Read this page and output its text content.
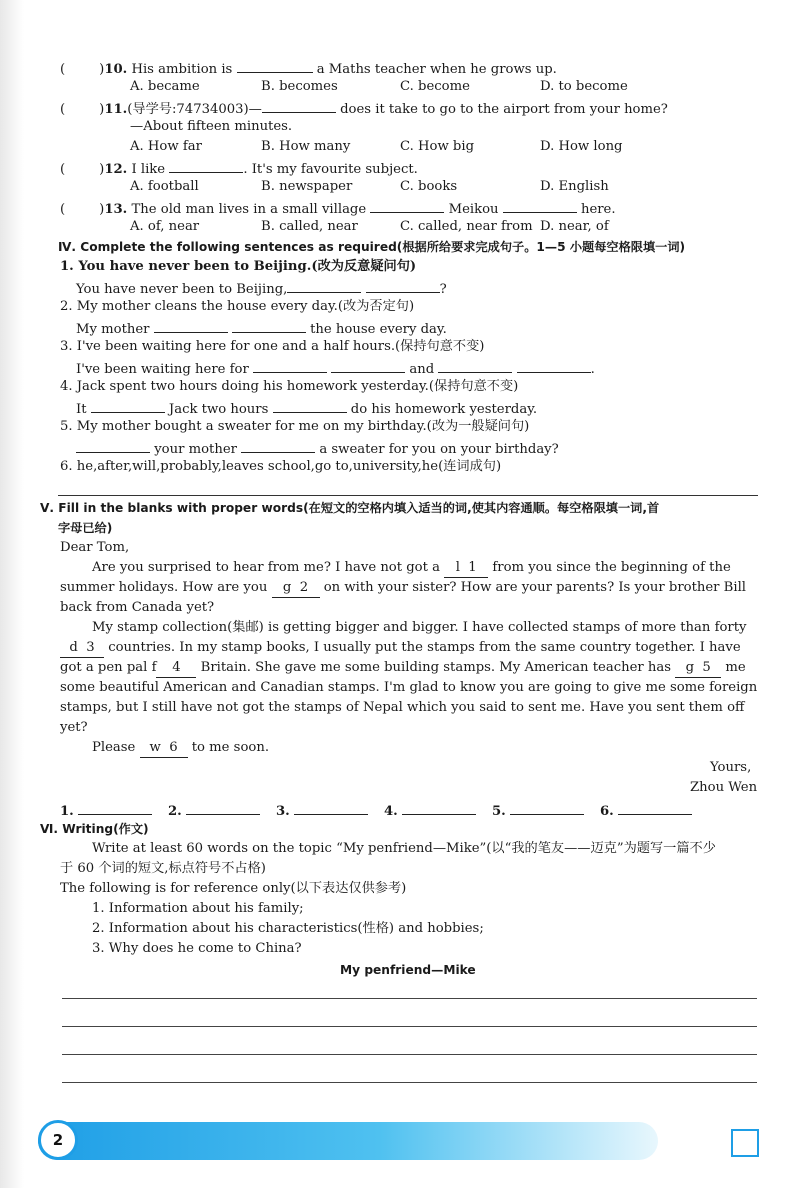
(	)10. His ambition is	a Maths teacher when he grows up.
A. became	B. becomes	C. become	D. to become
(	)11.(导学号:74734003)—	does it take to go to the airport from your home?
—About fifteen minutes.
A. How far	B. How many	C. How big	D. How long
(	)12. I like	. It's my favourite subject.
A. football	B. newspaper	C. books	D. English
(	)13. The old man lives in a small village	Meikou	here.
A. of, near	B. called, near	C. called, near from D. near, of
Ⅳ. Complete the following sentences as required(根据所给要求完成句子。1—5 小题每空格限填一词)
1. You have never been to Beijing.(改为反意疑问句)
You have never been to Beijing,	?
2. My mother cleans the house every day.(改为否定句)
My mother	the house every day.
3. I've been waiting here for one and a half hours.(保持句意不变)
I've been waiting here for	and	.
4. Jack spent two hours doing his homework yesterday.(保持句意不变)
It	Jack two hours	do his homework yesterday.
5. My mother bought a sweater for me on my birthday.(改为一般疑问句)
your mother	a sweater for you on your birthday?
6. he,after,will,probably,leaves school,go to,university,he(连词成句)
Ⅴ. Fill in the blanks with proper words(在短文的空格内填入适当的词,使其内容通顺。每空格限填一词,首
字母已给)
Dear Tom,
Are you surprised to hear from me? I have not got a l 1 from you since the beginning of the
summer holidays. How are you g 2 on with your sister? How are your parents? Is your brother Bill
back from Canada yet?
My stamp collection(集邮) is getting bigger and bigger. I have collected stamps of more than forty
d 3 countries. In my stamp books, I usually put the stamps from the same country together. I have
got a pen pal f 4 Britain. She gave me some building stamps. My American teacher has g 5 me
some beautiful American and Canadian stamps. I'm glad to know you are going to give me some foreign
stamps, but I still have not got the stamps of Nepal which you said to sent me. Have you sent them off
yet?
Please w 6 to me soon.
Yours,
Zhou Wen
1.	2.	3.	4.	5.	6.
Ⅵ. Writing(作文)
Write at least 60 words on the topic “My penfriend—Mike”(以“我的笔友——迈克”为题写一篇不少
于 60 个词的短文,标点符号不占格)
The following is for reference only(以下表达仅供参考)
1. Information about his family;
2. Information about his characteristics(性格) and hobbies;
3. Why does he come to China?
My penfriend—Mike
2
